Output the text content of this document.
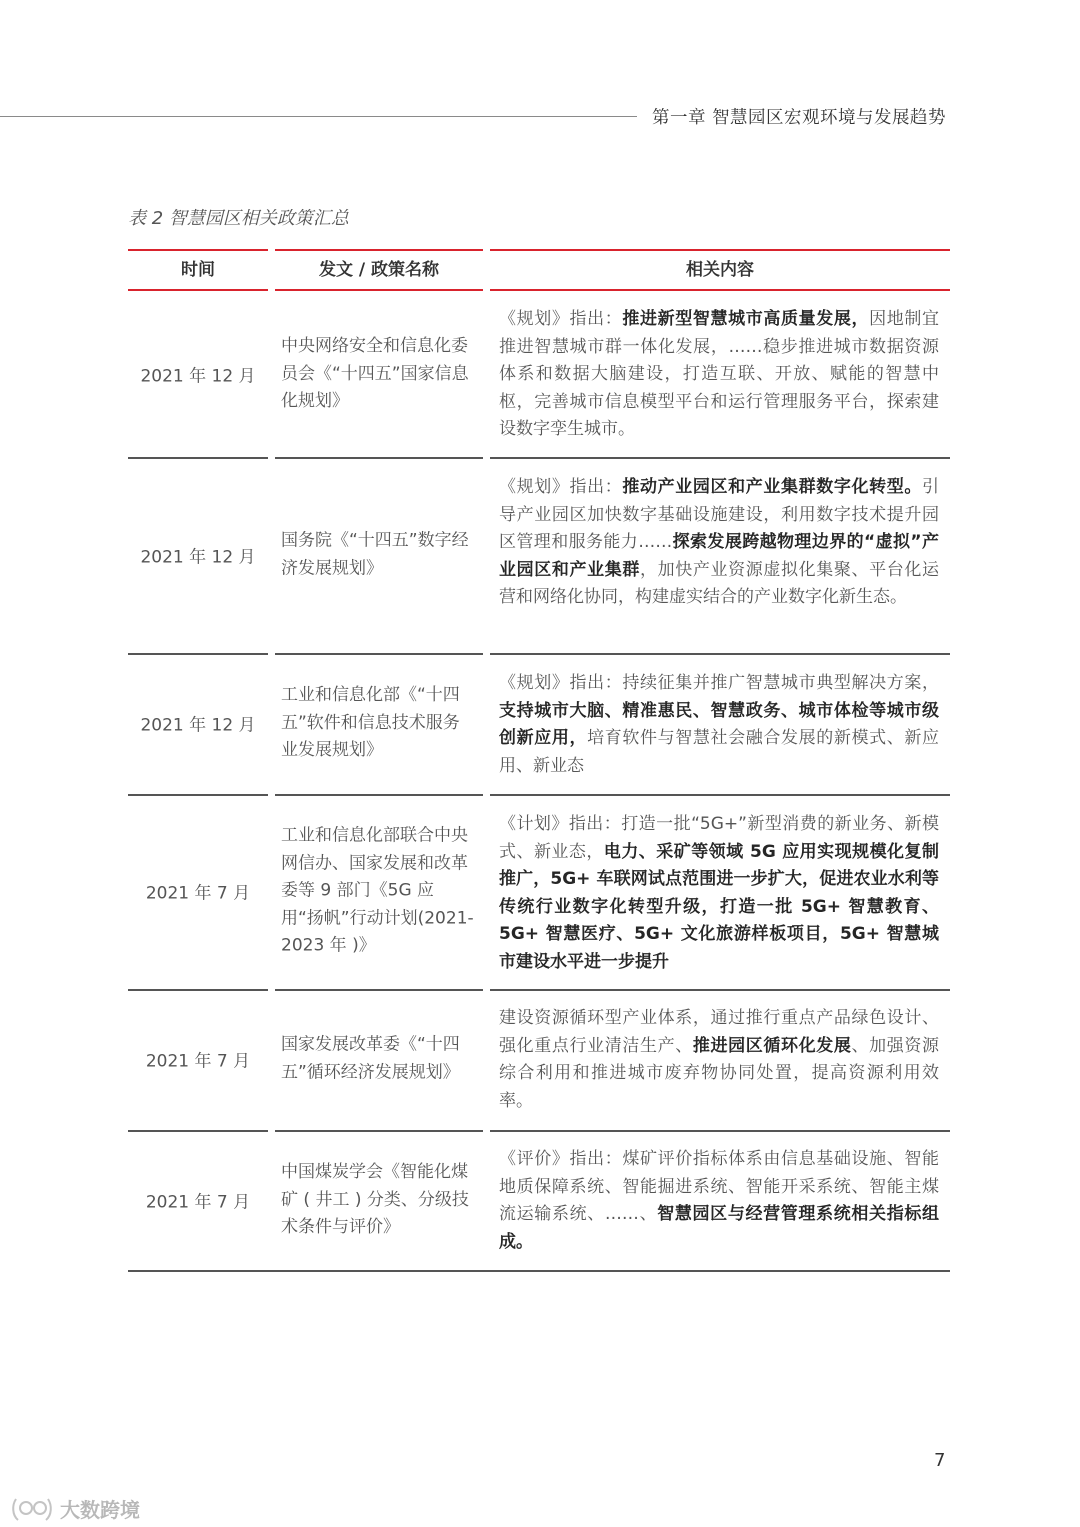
第一章 智慧园区宏观环境与发展趋势
表 2 智慧园区相关政策汇总
时间	发文 / 政策名称	相关内容
2021 年 12 月
中央网络安全和信息化委员会《“十四五”国家信息化规划》
《规划》指出：推进新型智慧城市高质量发展，因地制宜推进智慧城市群一体化发展，……稳步推进城市数据资源体系和数据大脑建设，打造互联、开放、赋能的智慧中枢，完善城市信息模型平台和运行管理服务平台，探索建设数字孪生城市。
2021 年 12 月
国务院《“十四五”数字经济发展规划》
《规划》指出：推动产业园区和产业集群数字化转型。引导产业园区加快数字基础设施建设，利用数字技术提升园区管理和服务能力……探索发展跨越物理边界的“虚拟”产业园区和产业集群，加快产业资源虚拟化集聚、平台化运营和网络化协同，构建虚实结合的产业数字化新生态。
2021 年 12 月
工业和信息化部《“十四五”软件和信息技术服务业发展规划》
《规划》指出：持续征集并推广智慧城市典型解决方案，支持城市大脑、精准惠民、智慧政务、城市体检等城市级创新应用，培育软件与智慧社会融合发展的新模式、新应用、新业态
2021 年 7 月
工业和信息化部联合中央网信办、国家发展和改革委等 9 部门《5G 应用“扬帆”行动计划(2021-2023 年 )》
《计划》指出：打造一批“5G+”新型消费的新业务、新模式、新业态，电力、采矿等领域 5G 应用实现规模化复制推广，5G+ 车联网试点范围进一步扩大，促进农业水利等传统行业数字化转型升级，打造一批 5G+ 智慧教育、5G+ 智慧医疗、5G+ 文化旅游样板项目，5G+ 智慧城市建设水平进一步提升
2021 年 7 月
国家发展改革委《“十四五”循环经济发展规划》
建设资源循环型产业体系，通过推行重点产品绿色设计、强化重点行业清洁生产、推进园区循环化发展、加强资源综合利用和推进城市废弃物协同处置，提高资源利用效率。
2021 年 7 月
中国煤炭学会《智能化煤矿 ( 井工 ) 分类、分级技术条件与评价》
《评价》指出：煤矿评价指标体系由信息基础设施、智能地质保障系统、智能掘进系统、智能开采系统、智能主煤流运输系统、……、智慧园区与经营管理系统相关指标组成。
7
大数跨境
